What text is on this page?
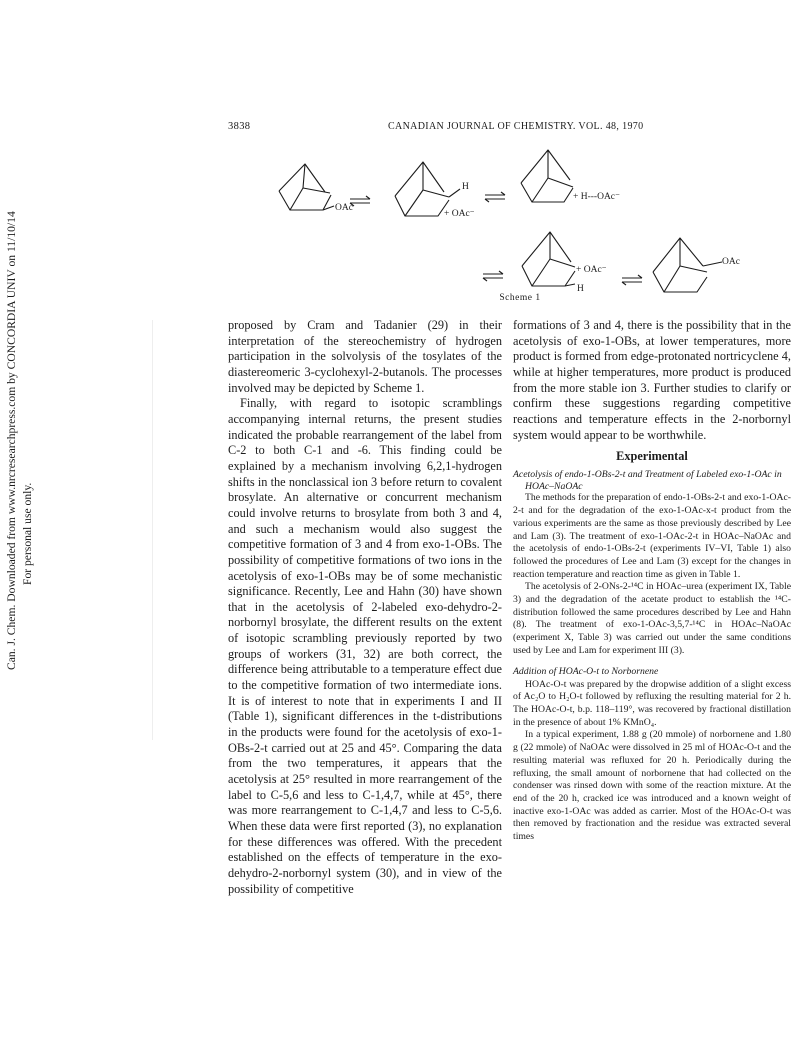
Can. J. Chem. Downloaded from www.nrcresearchpress.com by CONCORDIA UNIV on 11/10/14 For personal use only.
3838	CANADIAN JOURNAL OF CHEMISTRY. VOL. 48, 1970
OAc
H
+ OAc⁻
+ H---OAc⁻
+ OAc⁻
H
OAc
Scheme 1

proposed by Cram and Tadanier (29) in their interpretation of the stereochemistry of hydrogen participation in the solvolysis of the tosylates of the diastereomeric 3-cyclohexyl-2-butanols. The processes involved may be depicted by Scheme 1.

Finally, with regard to isotopic scramblings accompanying internal returns, the present studies indicated the probable rearrangement of the label from C-2 to both C-1 and -6. This finding could be explained by a mechanism involving 6,2,1-hydrogen shifts in the nonclassical ion 3 before return to covalent brosylate. An alternative or concurrent mechanism could involve returns to brosylate from both 3 and 4, and such a mechanism would also suggest the competitive formation of 3 and 4 from exo-1-OBs. The possibility of competitive formations of two ions in the acetolysis of exo-1-OBs may be of some mechanistic significance. Recently, Lee and Hahn (30) have shown that in the acetolysis of 2-labeled exo-dehydro-2-norbornyl brosylate, the different results on the extent of isotopic scrambling previously reported by two groups of workers (31, 32) are both correct, the difference being attributable to a temperature effect due to the competitive formation of two intermediate ions. It is of interest to note that in experiments I and II (Table 1), significant differences in the t-distributions in the products were found for the acetolysis of exo-1-OBs-2-t carried out at 25 and 45°. Comparing the data from the two temperatures, it appears that the acetolysis at 25° resulted in more rearrangement of the label to C-5,6 and less to C-1,4,7, while at 45°, there was more rearrangement to C-1,4,7 and less to C-5,6. When these data were first reported (3), no explanation for these differences was offered. With the precedent established on the effects of temperature in the exo-dehydro-2-norbornyl system (30), and in view of the possibility of competitive

formations of 3 and 4, there is the possibility that in the acetolysis of exo-1-OBs, at lower temperatures, more product is formed from edge-protonated nortricyclene 4, while at higher temperatures, more product is produced from the more stable ion 3. Further studies to clarify or confirm these suggestions regarding competitive reactions and temperature effects in the 2-norbornyl system would appear to be worthwhile.

Experimental

Acetolysis of endo-1-OBs-2-t and Treatment of Labeled exo-1-OAc in HOAc–NaOAc

The methods for the preparation of endo-1-OBs-2-t and exo-1-OAc-2-t and for the degradation of the exo-1-OAc-x-t product from the various experiments are the same as those previously described by Lee and Lam (3). The treatment of exo-1-OAc-2-t in HOAc–NaOAc and the acetolysis of endo-1-OBs-2-t (experiments IV–VI, Table 1) also followed the procedures of Lee and Lam (3) except for the changes in reaction temperature and reaction time as given in Table 1.

The acetolysis of 2-ONs-2-¹⁴C in HOAc–urea (experiment IX, Table 3) and the degradation of the acetate product to establish the ¹⁴C-distribution followed the same procedures described by Lee and Hahn (8). The treatment of exo-1-OAc-3,5,7-¹⁴C in HOAc–NaOAc (experiment X, Table 3) was carried out under the same conditions used by Lee and Lam for experiment III (3).

Addition of HOAc-O-t to Norbornene

HOAc-O-t was prepared by the dropwise addition of a slight excess of Ac₂O to H₂O-t followed by refluxing the resulting material for 2 h. The HOAc-O-t, b.p. 118–119°, was recovered by fractional distillation in the presence of about 1% KMnO₄.

In a typical experiment, 1.88 g (20 mmole) of norbornene and 1.80 g (22 mmole) of NaOAc were dissolved in 25 ml of HOAc-O-t and the resulting material was refluxed for 20 h. Periodically during the refluxing, the small amount of norbornene that had collected on the condenser was rinsed down with some of the reaction mixture. At the end of the 20 h, cracked ice was introduced and a known weight of inactive exo-1-OAc was added as carrier. Most of the HOAc-O-t was then removed by fractionation and the residue was extracted several times
